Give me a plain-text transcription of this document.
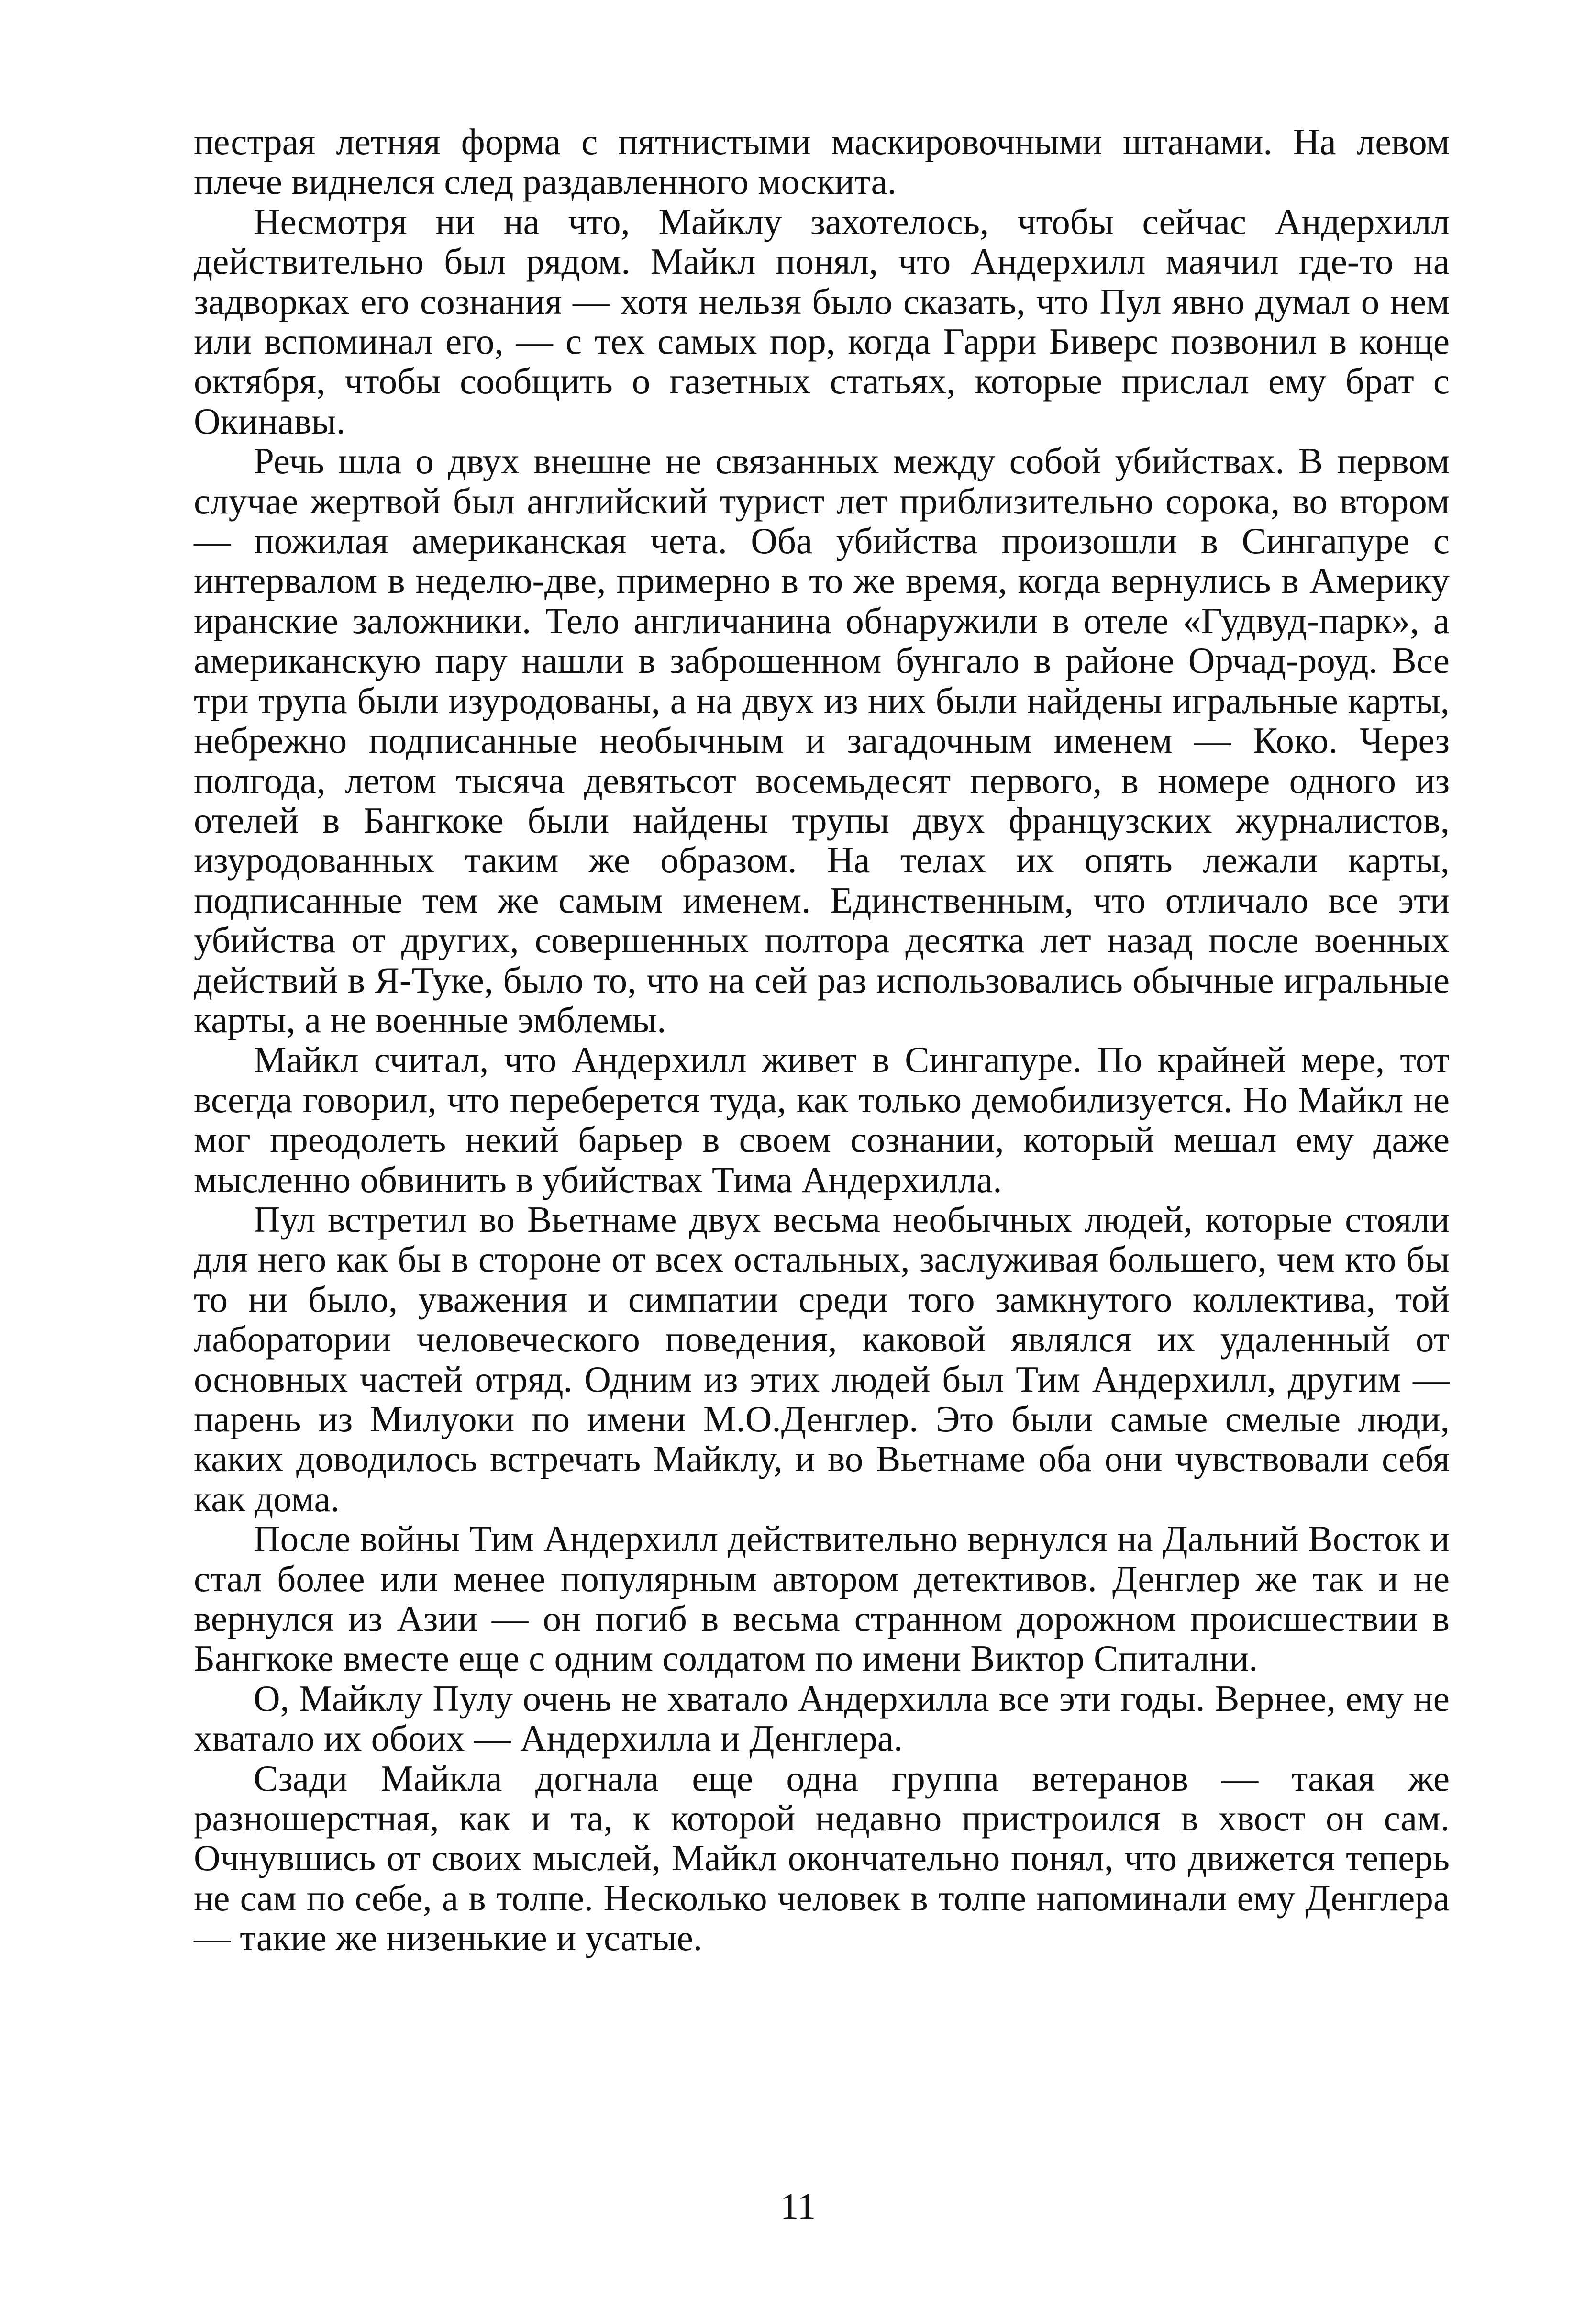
пестрая летняя форма с пятнистыми маскировочными штанами. На левом плече виднелся след раздавленного москита.

Несмотря ни на что, Майклу захотелось, чтобы сейчас Андерхилл действительно был рядом. Майкл понял, что Андерхилл маячил где-то на задворках его сознания — хотя нельзя было сказать, что Пул явно думал о нем или вспоминал его, — с тех самых пор, когда Гарри Биверс позвонил в конце октября, чтобы сообщить о газетных статьях, которые прислал ему брат с Окинавы.

Речь шла о двух внешне не связанных между собой убийствах. В первом случае жертвой был английский турист лет приблизительно сорока, во втором — пожилая американская чета. Оба убийства произошли в Сингапуре с интервалом в неделю-две, примерно в то же время, когда вернулись в Америку иранские заложники. Тело англичанина обнаружили в отеле «Гудвуд-парк», а американскую пару нашли в заброшенном бунгало в районе Орчад-роуд. Все три трупа были изуродованы, а на двух из них были найдены игральные карты, небрежно подписанные необычным и загадочным именем — Коко. Через полгода, летом тысяча девятьсот восемьдесят первого, в номере одного из отелей в Бангкоке были найдены трупы двух французских журналистов, изуродованных таким же образом. На телах их опять лежали карты, подписанные тем же самым именем. Единственным, что отличало все эти убийства от других, совершенных полтора десятка лет назад после военных действий в Я-Туке, было то, что на сей раз использовались обычные игральные карты, а не военные эмблемы.

Майкл считал, что Андерхилл живет в Сингапуре. По крайней мере, тот всегда говорил, что переберется туда, как только демобилизуется. Но Майкл не мог преодолеть некий барьер в своем сознании, который мешал ему даже мысленно обвинить в убийствах Тима Андерхилла.

Пул встретил во Вьетнаме двух весьма необычных людей, которые стояли для него как бы в стороне от всех остальных, заслуживая большего, чем кто бы то ни было, уважения и симпатии среди того замкнутого коллектива, той лаборатории человеческого поведения, каковой являлся их удаленный от основных частей отряд. Одним из этих людей был Тим Андерхилл, другим — парень из Милуоки по имени М.О.Денглер. Это были самые смелые люди, каких доводилось встречать Майклу, и во Вьетнаме оба они чувствовали себя как дома.

После войны Тим Андерхилл действительно вернулся на Дальний Восток и стал более или менее популярным автором детективов. Денглер же так и не вернулся из Азии — он погиб в весьма странном дорожном происшествии в Бангкоке вместе еще с одним солдатом по имени Виктор Спитални.

О, Майклу Пулу очень не хватало Андерхилла все эти годы. Вернее, ему не хватало их обоих — Андерхилла и Денглера.

Сзади Майкла догнала еще одна группа ветеранов — такая же разношерстная, как и та, к которой недавно пристроился в хвост он сам. Очнувшись от своих мыслей, Майкл окончательно понял, что движется теперь не сам по себе, а в толпе. Несколько человек в толпе напоминали ему Денглера — такие же низенькие и усатые.

11
